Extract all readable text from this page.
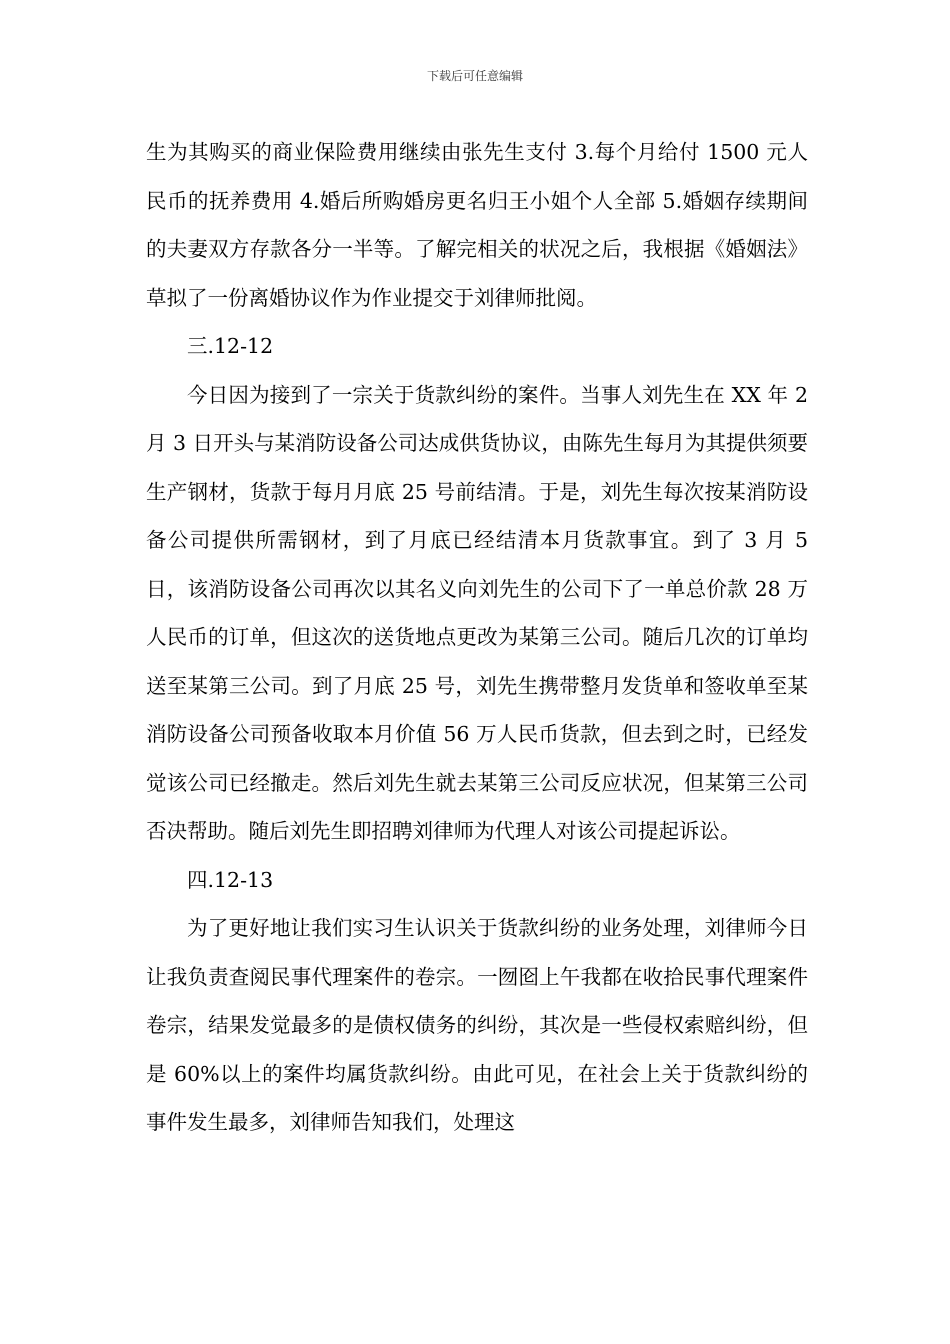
下载后可任意编辑

生为其购买的商业保险费用继续由张先生支付 3.每个月给付 1500 元人民币的抚养费用 4.婚后所购婚房更名归王小姐个人全部 5.婚姻存续期间的夫妻双方存款各分一半等。了解完相关的状况之后，我根据《婚姻法》草拟了一份离婚协议作为作业提交于刘律师批阅。

三.12-12

今日因为接到了一宗关于货款纠纷的案件。当事人刘先生在 XX 年 2 月 3 日开头与某消防设备公司达成供货协议，由陈先生每月为其提供须要生产钢材，货款于每月月底 25 号前结清。于是，刘先生每次按某消防设备公司提供所需钢材，到了月底已经结清本月货款事宜。到了 3 月 5 日，该消防设备公司再次以其名义向刘先生的公司下了一单总价款 28 万人民币的订单，但这次的送货地点更改为某第三公司。随后几次的订单均送至某第三公司。到了月底 25 号，刘先生携带整月发货单和签收单至某消防设备公司预备收取本月价值 56 万人民币货款，但去到之时，已经发觉该公司已经撤走。然后刘先生就去某第三公司反应状况，但某第三公司否决帮助。随后刘先生即招聘刘律师为代理人对该公司提起诉讼。

四.12-13

为了更好地让我们实习生认识关于货款纠纷的业务处理，刘律师今日让我负责查阅民事代理案件的卷宗。一囫囵上午我都在收拾民事代理案件卷宗，结果发觉最多的是债权债务的纠纷，其次是一些侵权索赔纠纷，但是 60%以上的案件均属货款纠纷。由此可见，在社会上关于货款纠纷的事件发生最多，刘律师告知我们，处理这
